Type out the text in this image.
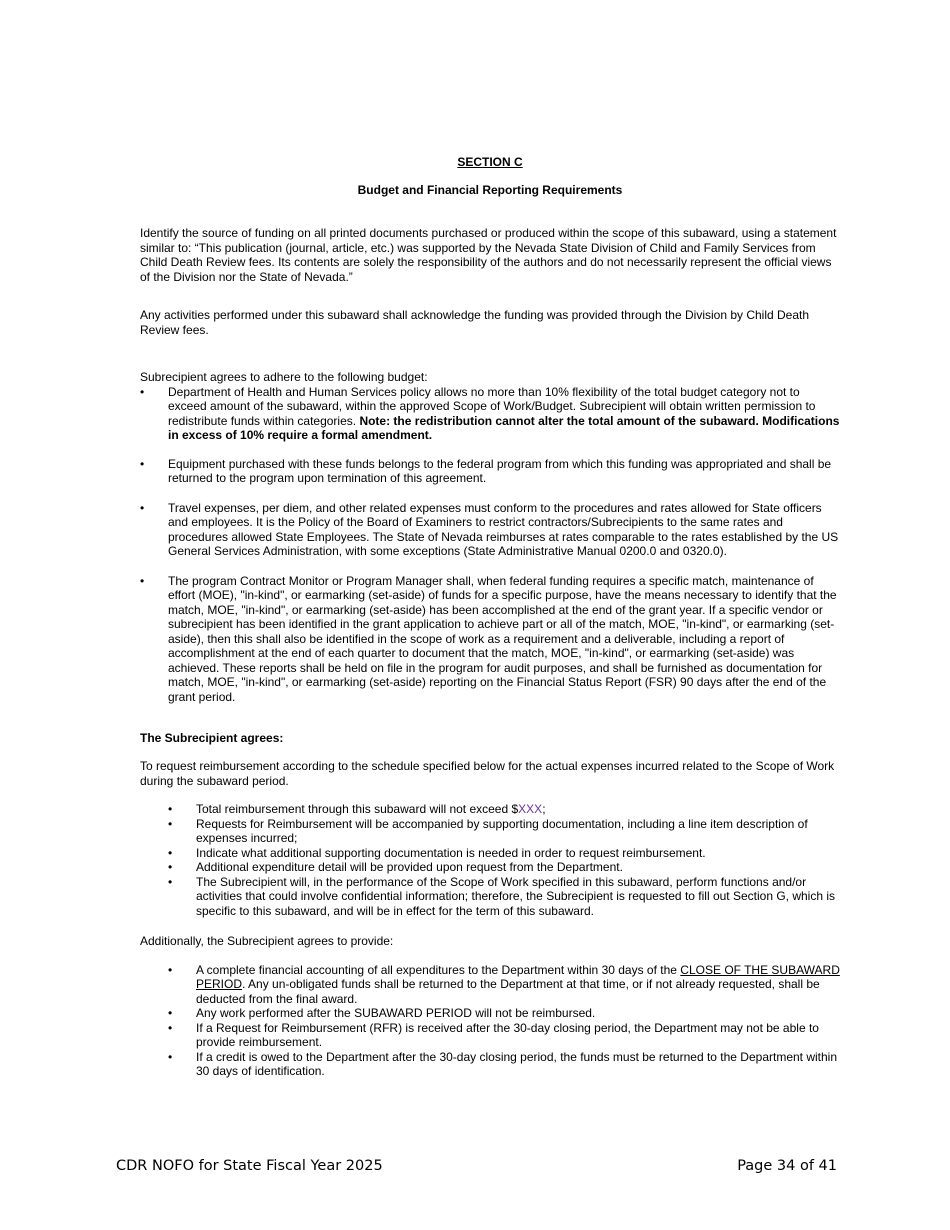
SECTION C
Budget and Financial Reporting Requirements

Identify the source of funding on all printed documents purchased or produced within the scope of this subaward, using a statement similar to: “This publication (journal, article, etc.) was supported by the Nevada State Division of Child and Family Services from Child Death Review fees. Its contents are solely the responsibility of the authors and do not necessarily represent the official views of the Division nor the State of Nevada.”

Any activities performed under this subaward shall acknowledge the funding was provided through the Division by Child Death Review fees.

Subrecipient agrees to adhere to the following budget:

• Department of Health and Human Services policy allows no more than 10% flexibility of the total budget category not to exceed amount of the subaward, within the approved Scope of Work/Budget. Subrecipient will obtain written permission to redistribute funds within categories. Note: the redistribution cannot alter the total amount of the subaward. Modifications in excess of 10% require a formal amendment.
• Equipment purchased with these funds belongs to the federal program from which this funding was appropriated and shall be returned to the program upon termination of this agreement.
• Travel expenses, per diem, and other related expenses must conform to the procedures and rates allowed for State officers and employees. It is the Policy of the Board of Examiners to restrict contractors/Subrecipients to the same rates and procedures allowed State Employees. The State of Nevada reimburses at rates comparable to the rates established by the US General Services Administration, with some exceptions (State Administrative Manual 0200.0 and 0320.0).
• The program Contract Monitor or Program Manager shall, when federal funding requires a specific match, maintenance of effort (MOE), "in-kind", or earmarking (set-aside) of funds for a specific purpose, have the means necessary to identify that the match, MOE, "in-kind", or earmarking (set-aside) has been accomplished at the end of the grant year. If a specific vendor or subrecipient has been identified in the grant application to achieve part or all of the match, MOE, "in-kind", or earmarking (set-aside), then this shall also be identified in the scope of work as a requirement and a deliverable, including a report of accomplishment at the end of each quarter to document that the match, MOE, "in-kind", or earmarking (set-aside) was achieved. These reports shall be held on file in the program for audit purposes, and shall be furnished as documentation for match, MOE, "in-kind", or earmarking (set-aside) reporting on the Financial Status Report (FSR) 90 days after the end of the grant period.

The Subrecipient agrees:

To request reimbursement according to the schedule specified below for the actual expenses incurred related to the Scope of Work during the subaward period.

• Total reimbursement through this subaward will not exceed $XXX;
• Requests for Reimbursement will be accompanied by supporting documentation, including a line item description of expenses incurred;
• Indicate what additional supporting documentation is needed in order to request reimbursement.
• Additional expenditure detail will be provided upon request from the Department.
• The Subrecipient will, in the performance of the Scope of Work specified in this subaward, perform functions and/or activities that could involve confidential information; therefore, the Subrecipient is requested to fill out Section G, which is specific to this subaward, and will be in effect for the term of this subaward.

Additionally, the Subrecipient agrees to provide:

• A complete financial accounting of all expenditures to the Department within 30 days of the CLOSE OF THE SUBAWARD PERIOD. Any un-obligated funds shall be returned to the Department at that time, or if not already requested, shall be deducted from the final award.
• Any work performed after the SUBAWARD PERIOD will not be reimbursed.
• If a Request for Reimbursement (RFR) is received after the 30-day closing period, the Department may not be able to provide reimbursement.
• If a credit is owed to the Department after the 30-day closing period, the funds must be returned to the Department within 30 days of identification.
CDR NOFO for State Fiscal Year 2025	Page 34 of 41
